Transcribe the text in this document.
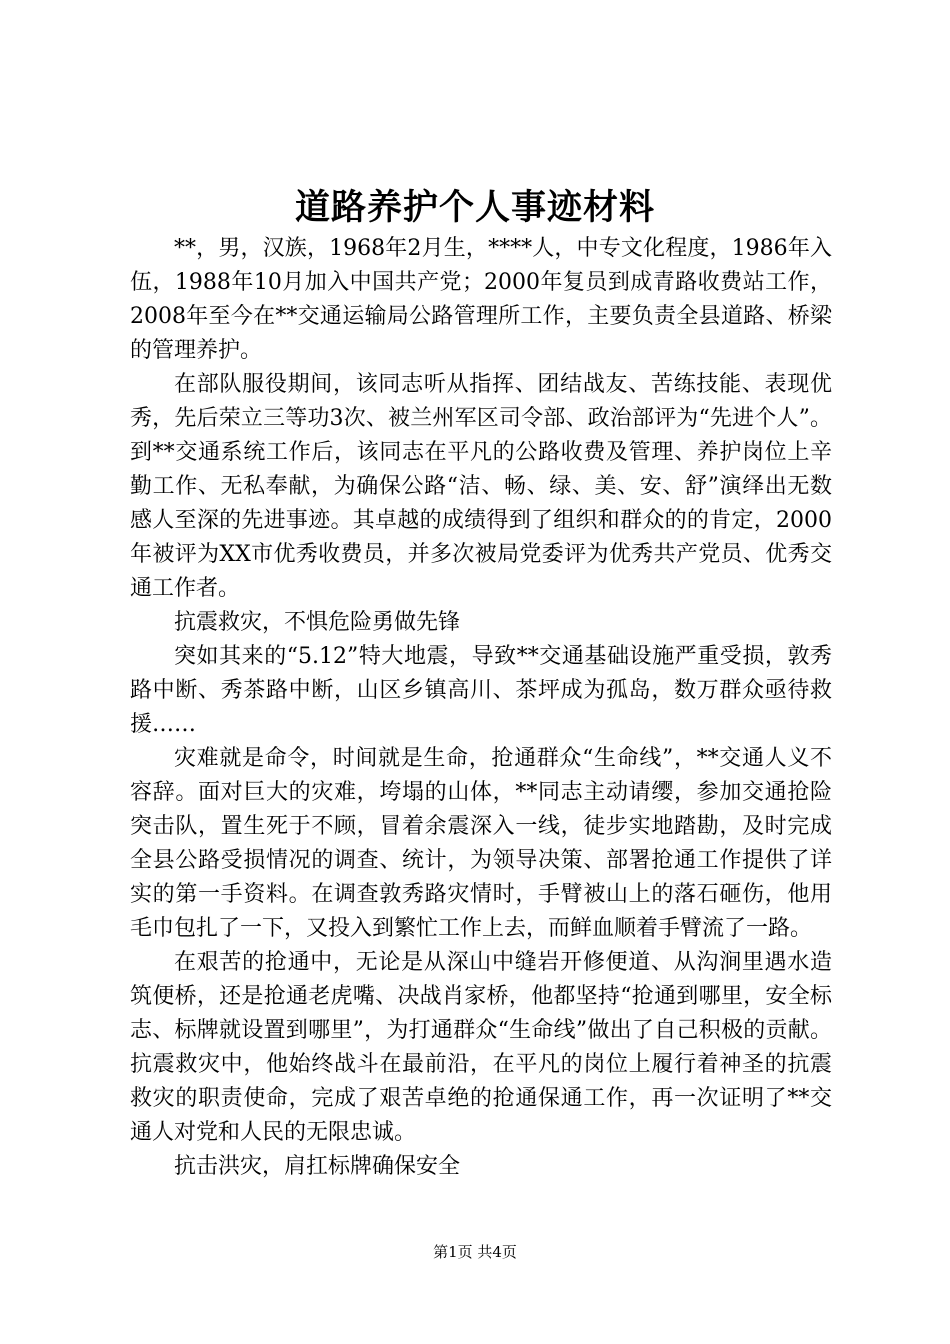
道路养护个人事迹材料

**，男，汉族，1968年2月生，****人，中专文化程度，1986年入伍，1988年10月加入中国共产党；2000年复员到成青路收费站工作，2008年至今在**交通运输局公路管理所工作，主要负责全县道路、桥梁的管理养护。

在部队服役期间，该同志听从指挥、团结战友、苦练技能、表现优秀，先后荣立三等功3次、被兰州军区司令部、政治部评为“先进个人”。到**交通系统工作后，该同志在平凡的公路收费及管理、养护岗位上辛勤工作、无私奉献，为确保公路“洁、畅、绿、美、安、舒”演绎出无数感人至深的先进事迹。其卓越的成绩得到了组织和群众的的肯定，2000年被评为XX市优秀收费员，并多次被局党委评为优秀共产党员、优秀交通工作者。

抗震救灾，不惧危险勇做先锋

突如其来的“5.12”特大地震，导致**交通基础设施严重受损，敦秀路中断、秀茶路中断，山区乡镇高川、茶坪成为孤岛，数万群众亟待救援……

灾难就是命令，时间就是生命，抢通群众“生命线”，**交通人义不容辞。面对巨大的灾难，垮塌的山体，**同志主动请缨，参加交通抢险突击队，置生死于不顾，冒着余震深入一线，徒步实地踏勘，及时完成全县公路受损情况的调查、统计，为领导决策、部署抢通工作提供了详实的第一手资料。在调查敦秀路灾情时，手臂被山上的落石砸伤，他用毛巾包扎了一下，又投入到繁忙工作上去，而鲜血顺着手臂流了一路。

在艰苦的抢通中，无论是从深山中缝岩开修便道、从沟涧里遇水造筑便桥，还是抢通老虎嘴、决战肖家桥，他都坚持“抢通到哪里，安全标志、标牌就设置到哪里”，为打通群众“生命线”做出了自己积极的贡献。抗震救灾中，他始终战斗在最前沿，在平凡的岗位上履行着神圣的抗震救灾的职责使命，完成了艰苦卓绝的抢通保通工作，再一次证明了**交通人对党和人民的无限忠诚。

抗击洪灾，肩扛标牌确保安全

第1页 共4页
